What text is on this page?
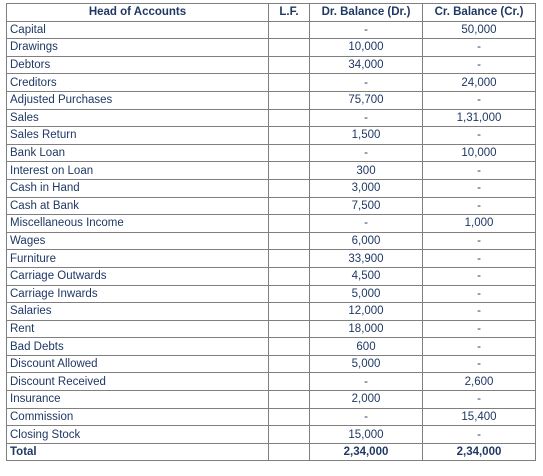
Head of Accounts	L.F.	Dr. Balance (Dr.)	Cr. Balance (Cr.)
Capital		-	50,000
Drawings		10,000	-
Debtors		34,000	-
Creditors		-	24,000
Adjusted Purchases		75,700	-
Sales		-	1,31,000
Sales Return		1,500	-
Bank Loan		-	10,000
Interest on Loan		300	-
Cash in Hand		3,000	-
Cash at Bank		7,500	-
Miscellaneous Income		-	1,000
Wages		6,000	-
Furniture		33,900	-
Carriage Outwards		4,500	-
Carriage Inwards		5,000	-
Salaries		12,000	-
Rent		18,000	-
Bad Debts		600	-
Discount Allowed		5,000	-
Discount Received		-	2,600
Insurance		2,000	-
Commission		-	15,400
Closing Stock		15,000	-
Total		2,34,000	2,34,000
